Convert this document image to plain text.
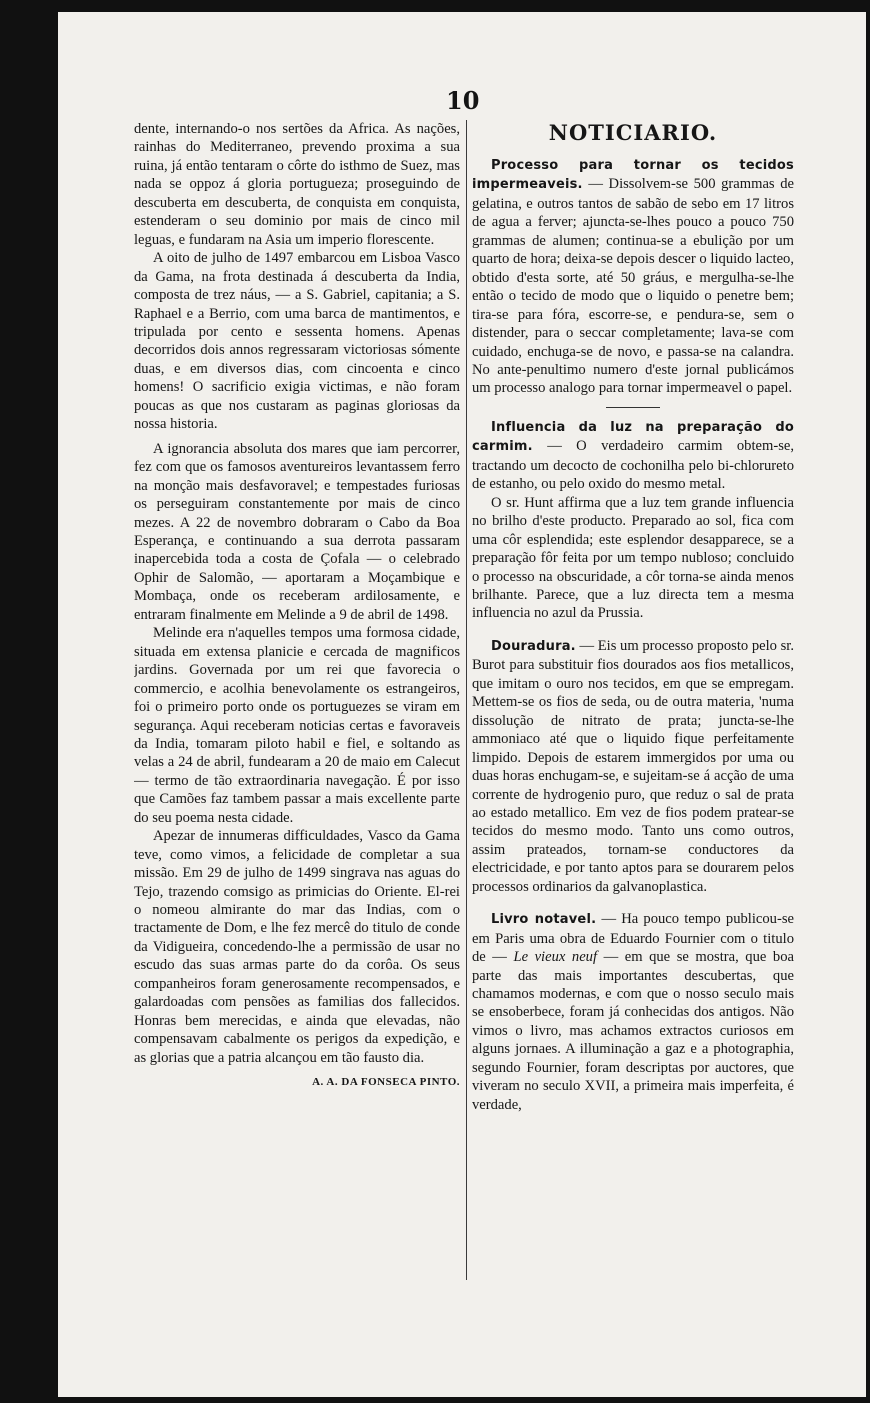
10

dente, internando-o nos sertões da Africa. As nações, rainhas do Mediterraneo, prevendo proxima a sua ruina, já então tentaram o côrte do isthmo de Suez, mas nada se oppoz á gloria portugueza; proseguindo de descuberta em descuberta, de conquista em conquista, estenderam o seu dominio por mais de cinco mil leguas, e fundaram na Asia um imperio florescente.

A oito de julho de 1497 embarcou em Lisboa Vasco da Gama, na frota destinada á descuberta da India, composta de trez náus, — a S. Gabriel, capitania; a S. Raphael e a Berrio, com uma barca de mantimentos, e tripulada por cento e sessenta homens. Apenas decorridos dois annos regressaram victoriosas sómente duas, e em diversos dias, com cincoenta e cinco homens! O sacrificio exigia victimas, e não foram poucas as que nos custaram as paginas gloriosas da nossa historia.

A ignorancia absoluta dos mares que iam percorrer, fez com que os famosos aventureiros levantassem ferro na monção mais desfavoravel; e tempestades furiosas os perseguiram constantemente por mais de cinco mezes. A 22 de novembro dobraram o Cabo da Boa Esperança, e continuando a sua derrota passaram inapercebida toda a costa de Çofala — o celebrado Ophir de Salomão, — aportaram a Moçambique e Mombaça, onde os receberam ardilosamente, e entraram finalmente em Melinde a 9 de abril de 1498.

Melinde era n'aquelles tempos uma formosa cidade, situada em extensa planicie e cercada de magnificos jardins. Governada por um rei que favorecia o commercio, e acolhia benevolamente os estrangeiros, foi o primeiro porto onde os portuguezes se viram em segurança. Aqui receberam noticias certas e favoraveis da India, tomaram piloto habil e fiel, e soltando as velas a 24 de abril, fundearam a 20 de maio em Calecut — termo de tão extraordinaria navegação. É por isso que Camões faz tambem passar a mais excellente parte do seu poema nesta cidade.

Apezar de innumeras difficuldades, Vasco da Gama teve, como vimos, a felicidade de completar a sua missão. Em 29 de julho de 1499 singrava nas aguas do Tejo, trazendo comsigo as primicias do Oriente. El-rei o nomeou almirante do mar das Indias, com o tractamente de Dom, e lhe fez mercê do titulo de conde da Vidigueira, concedendo-lhe a permissão de usar no escudo das suas armas parte do da corôa. Os seus companheiros foram generosamente recompensados, e galardoadas com pensões as familias dos fallecidos. Honras bem merecidas, e ainda que elevadas, não compensavam cabalmente os perigos da expedição, e as glorias que a patria alcançou em tão fausto dia.

A. A. DA FONSECA PINTO.
NOTICIARIO.

Processo para tornar os tecidos impermeaveis. — Dissolvem-se 500 grammas de gelatina, e outros tantos de sabão de sebo em 17 litros de agua a ferver; ajuncta-se-lhes pouco a pouco 750 grammas de alumen; continua-se a ebulição por um quarto de hora; deixa-se depois descer o liquido lacteo, obtido d'esta sorte, até 50 gráus, e mergulha-se-lhe então o tecido de modo que o liquido o penetre bem; tira-se para fóra, escorre-se, e pendura-se, sem o distender, para o seccar completamente; lava-se com cuidado, enchuga-se de novo, e passa-se na calandra. No ante-penultimo numero d'este jornal publicámos um processo analogo para tornar impermeavel o papel.

Influencia da luz na preparação do carmim. — O verdadeiro carmim obtem-se, tractando um decocto de cochonilha pelo bi-chlorureto de estanho, ou pelo oxido do mesmo metal.

O sr. Hunt affirma que a luz tem grande influencia no brilho d'este producto. Preparado ao sol, fica com uma côr esplendida; este esplendor desapparece, se a preparação fôr feita por um tempo nubloso; concluido o processo na obscuridade, a côr torna-se ainda menos brilhante. Parece, que a luz directa tem a mesma influencia no azul da Prussia.

Douradura. — Eis um processo proposto pelo sr. Burot para substituir fios dourados aos fios metallicos, que imitam o ouro nos tecidos, em que se empregam. Mettem-se os fios de seda, ou de outra materia, 'numa dissolução de nitrato de prata; juncta-se-lhe ammoniaco até que o liquido fique perfeitamente limpido. Depois de estarem immergidos por uma ou duas horas enchugam-se, e sujeitam-se á acção de uma corrente de hydrogenio puro, que reduz o sal de prata ao estado metallico. Em vez de fios podem pratear-se tecidos do mesmo modo. Tanto uns como outros, assim prateados, tornam-se conductores da electricidade, e por tanto aptos para se dourarem pelos processos ordinarios da galvanoplastica.

Livro notavel. — Ha pouco tempo publicou-se em Paris uma obra de Eduardo Fournier com o titulo de — Le vieux neuf — em que se mostra, que boa parte das mais importantes descubertas, que chamamos modernas, e com que o nosso seculo mais se ensoberbece, foram já conhecidas dos antigos. Não vimos o livro, mas achamos extractos curiosos em alguns jornaes. A illuminação a gaz e a photographia, segundo Fournier, foram descriptas por auctores, que viveram no seculo XVII, a primeira mais imperfeita, é verdade,
